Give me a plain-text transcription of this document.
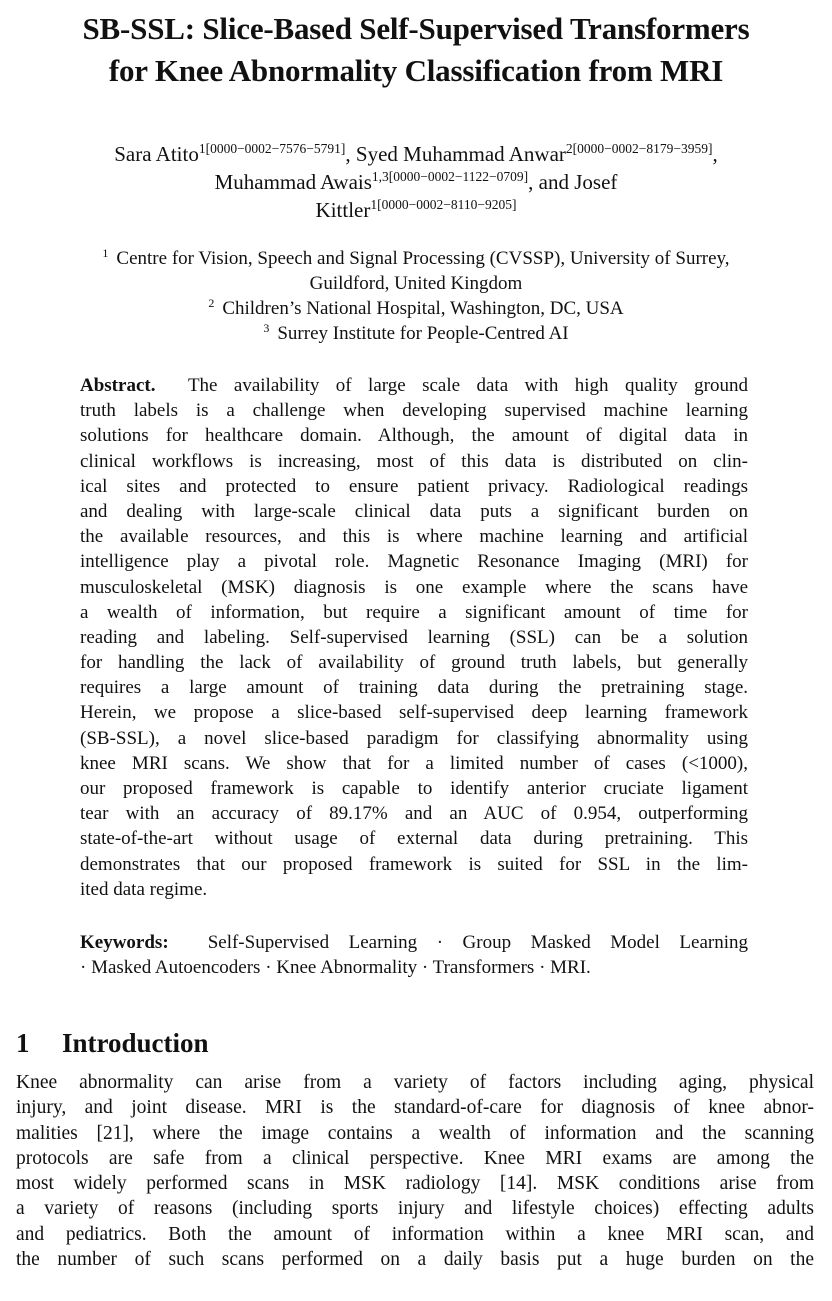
SB-SSL: Slice-Based Self-Supervised Transformers
for Knee Abnormality Classification from MRI
Sara Atito$^{1[0000-0002-7576-5791]}$, Syed Muhammad Anwar$^{2[0000-0002-8179-3959]}$,
Muhammad Awais$^{1,3[0000-0002-1122-0709]}$, and Josef
Kittler$^{1[0000-0002-8110-9205]}$
$^1$ Centre for Vision, Speech and Signal Processing (CVSSP), University of Surrey,
Guildford, United Kingdom
$^2$ Children’s National Hospital, Washington, DC, USA
$^3$ Surrey Institute for People-Centred AI
Abstract. The availability of large scale data with high quality ground
truth labels is a challenge when developing supervised machine learning
solutions for healthcare domain. Although, the amount of digital data in
clinical workflows is increasing, most of this data is distributed on clin-
ical sites and protected to ensure patient privacy. Radiological readings
and dealing with large-scale clinical data puts a significant burden on
the available resources, and this is where machine learning and artificial
intelligence play a pivotal role. Magnetic Resonance Imaging (MRI) for
musculoskeletal (MSK) diagnosis is one example where the scans have
a wealth of information, but require a significant amount of time for
reading and labeling. Self-supervised learning (SSL) can be a solution
for handling the lack of availability of ground truth labels, but generally
requires a large amount of training data during the pretraining stage.
Herein, we propose a slice-based self-supervised deep learning framework
(SB-SSL), a novel slice-based paradigm for classifying abnormality using
knee MRI scans. We show that for a limited number of cases (<1000),
our proposed framework is capable to identify anterior cruciate ligament
tear with an accuracy of 89.17% and an AUC of 0.954, outperforming
state-of-the-art without usage of external data during pretraining. This
demonstrates that our proposed framework is suited for SSL in the lim-
ited data regime.
Keywords: Self-Supervised Learning · Group Masked Model Learning
· Masked Autoencoders · Knee Abnormality · Transformers · MRI.
1 Introduction
Knee abnormality can arise from a variety of factors including aging, physical
injury, and joint disease. MRI is the standard-of-care for diagnosis of knee abnor-
malities [21], where the image contains a wealth of information and the scanning
protocols are safe from a clinical perspective. Knee MRI exams are among the
most widely performed scans in MSK radiology [14]. MSK conditions arise from
a variety of reasons (including sports injury and lifestyle choices) effecting adults
and pediatrics. Both the amount of information within a knee MRI scan, and
the number of such scans performed on a daily basis put a huge burden on the
